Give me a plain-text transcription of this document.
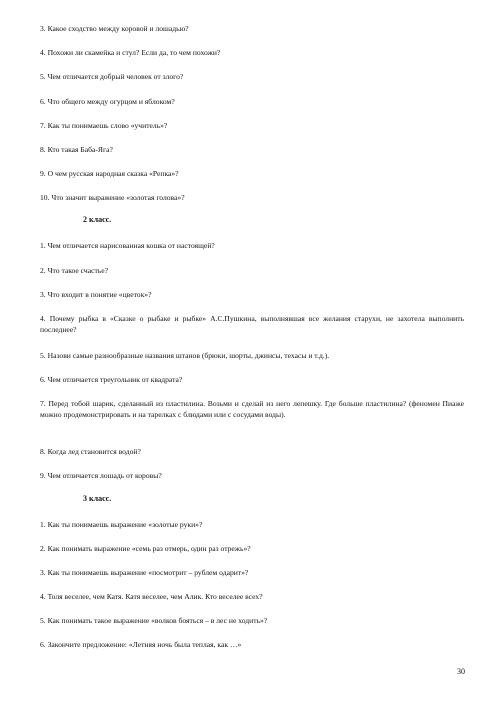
3. Какое сходство между коровой и лошадью?
4. Похожи ли скамейка и стул? Если да, то чем похожи?
5. Чем отличается добрый человек от злого?
6. Что общего между огурцом и яблоком?
7. Как ты понимаешь слово «учитель»?
8. Кто такая Баба-Яга?
9. О чем русская народная сказка «Репка»?
10. Что значит выражение «золотая голова»?
2 класс.
1. Чем отличается нарисованная кошка от настоящей?
2. Что такое счастье?
3. Что входит в понятие «цветок»?
4. Почему рыбка в «Сказке о рыбаке и рыбке» А.С.Пушкина, выполнявшая все желания старухи, не захотела выполнить последнее?
5. Назови самые разнообразные названия штанов (брюки, шорты, джинсы, техасы и т.д.).
6. Чем отличается треугольник от квадрата?
7. Перед тобой шарик, сделанный из пластилина. Возьми и сделай из него лепешку. Где больше пластилина? (феномен Пиаже можно продемонстрировать и на тарелках с блюдами или с сосудами воды).
8. Когда лед становится водой?
9. Чем отличается лошадь от коровы?
3 класс.
1. Как ты понимаешь выражение «золотые руки»?
2. Как понимать выражение «семь раз отмерь, один раз отрежь»?
3. Как ты понимаешь выражение «посмотрит – рублем одарит»?
4. Толя веселее, чем Катя. Катя веселее, чем Алик. Кто веселее всех?
5. Как понимать такое выражение «волков бояться – в лес не ходить»?
6. Закончите предложение: «Летняя ночь была теплая, как …»
30
